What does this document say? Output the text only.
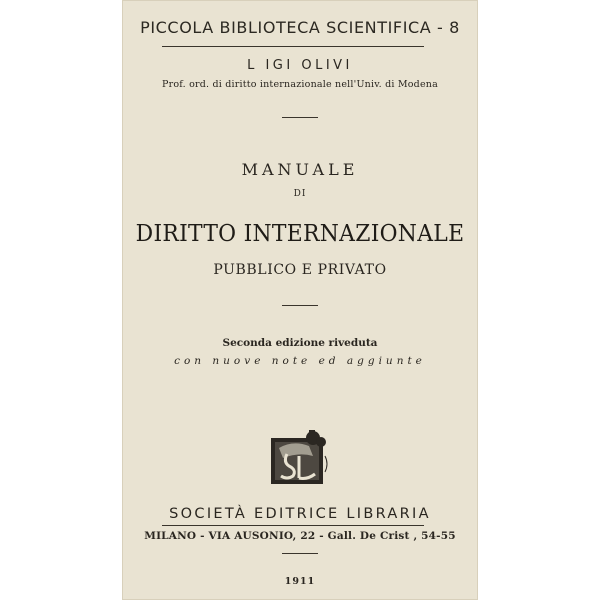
PICCOLA BIBLIOTECA SCIENTIFICA - 8
L IGI OLIVI
Prof. ord. di diritto internazionale nell'Univ. di Modena
MANUALE
DI
DIRITTO INTERNAZIONALE
PUBBLICO E PRIVATO
Seconda edizione riveduta
con nuove note ed aggiunte
SOCIETÀ EDITRICE LIBRARIA
MILANO - VIA AUSONIO, 22 - Gall. De Crist , 54-55
1911
